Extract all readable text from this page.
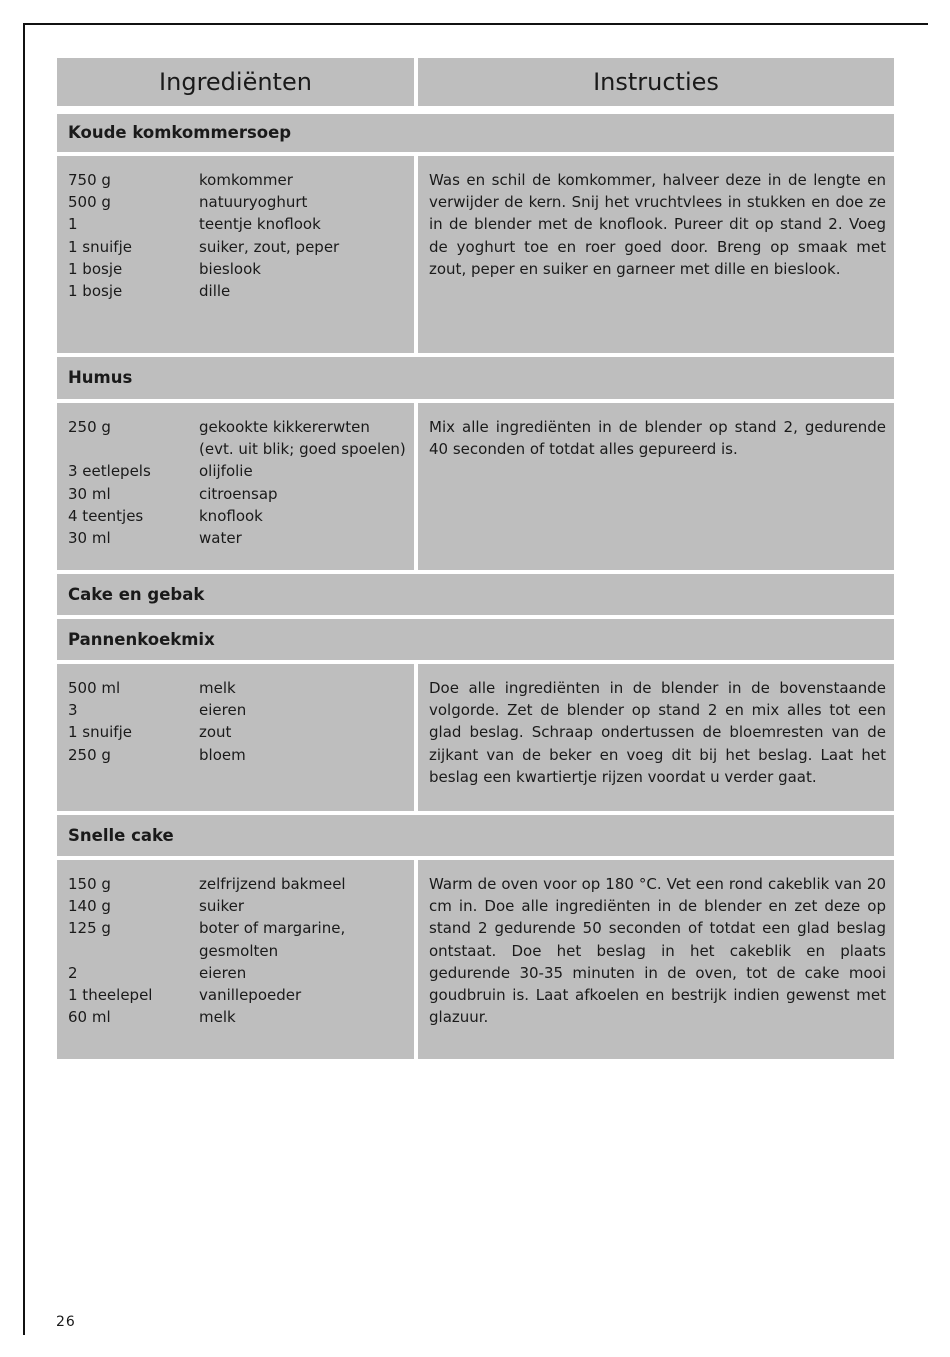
Ingrediënten	Instructies
Koude komkommersoep
750 g	komkommer
500 g	natuuryoghurt
1	teentje knoflook
1 snuifje	suiker, zout, peper
1 bosje	bieslook
1 bosje	dille

Was en schil de komkommer, halveer deze in de lengte en verwijder de kern. Snij het vruchtvlees in stukken en doe ze in de blender met de knoflook. Pureer dit op stand 2. Voeg de yoghurt toe en roer goed door. Breng op smaak met zout, peper en suiker en garneer met dille en bieslook.

Humus
250 g	gekookte kikkererwten (evt. uit blik; goed spoelen)
3 eetlepels	olijfolie
30 ml	citroensap
4 teentjes	knoflook
30 ml	water

Mix alle ingrediënten in de blender op stand 2, gedurende 40 seconden of totdat alles gepureerd is.

Cake en gebak
Pannenkoekmix
500 ml	melk
3	eieren
1 snuifje	zout
250 g	bloem

Doe alle ingrediënten in de blender in de bovenstaande volgorde. Zet de blender op stand 2 en mix alles tot een glad beslag. Schraap ondertussen de bloemresten van de zijkant van de beker en voeg dit bij het beslag. Laat het beslag een kwartiertje rijzen voordat u verder gaat.

Snelle cake
150 g	zelfrijzend bakmeel
140 g	suiker
125 g	boter of margarine, gesmolten
2	eieren
1 theelepel	vanillepoeder
60 ml	melk

Warm de oven voor op 180 °C. Vet een rond cakeblik van 20 cm in. Doe alle ingrediënten in de blender en zet deze op stand 2 gedurende 50 seconden of totdat een glad beslag ontstaat. Doe het beslag in het cakeblik en plaats gedurende 30-35 minuten in de oven, tot de cake mooi goudbruin is. Laat afkoelen en bestrijk indien gewenst met glazuur.

26
